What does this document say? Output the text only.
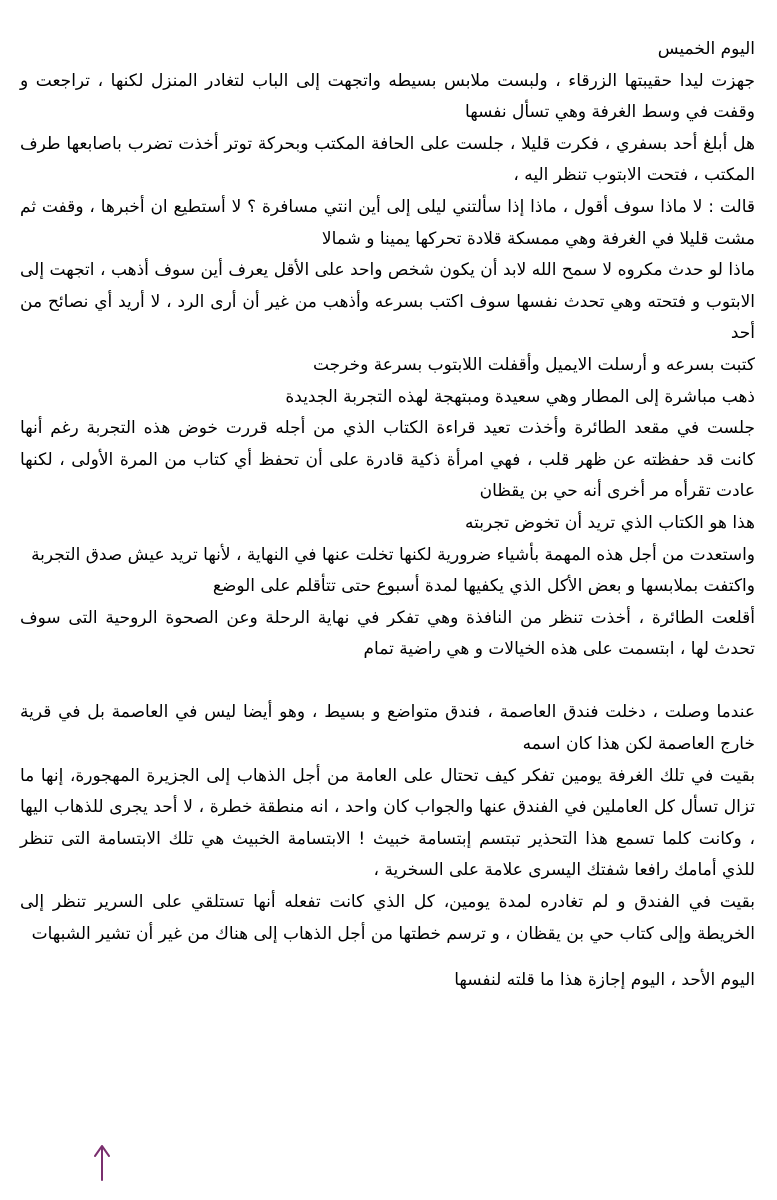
اليوم الخميس

جهزت ليدا حقيبتها الزرقاء ، ولبست ملابس بسيطه واتجهت إلى الباب لتغادر المنزل لكنها ، تراجعت و وقفت في وسط الغرفة وهي تسأل نفسها

هل أبلغ أحد بسفري ، فكرت قليلا ، جلست على الحافة المكتب وبحركة توتر أخذت تضرب باصابعها طرف المكتب ، فتحت الابتوب تنظر اليه ،

قالت : لا ماذا سوف أقول ، ماذا إذا سألتني ليلى إلى أين انتي مسافرة ؟ لا أستطيع ان أخبرها ، وقفت ثم مشت قليلا في الغرفة وهي ممسكة قلادة تحركها يمينا و شمالا

ماذا لو حدث مكروه لا سمح الله لابد أن يكون شخص واحد على الأقل يعرف أين سوف أذهب ، اتجهت إلى الابتوب و فتحته وهي تحدث نفسها سوف اكتب بسرعه وأذهب من غير أن أرى الرد ، لا أريد أي نصائح من أحد

كتبت بسرعه و أرسلت الايميل وأقفلت اللابتوب بسرعة وخرجت

ذهب مباشرة إلى المطار وهي سعيدة ومبتهجة لهذه التجربة الجديدة

جلست في مقعد الطائرة وأخذت تعيد قراءة الكتاب الذي من أجله قررت خوض هذه التجربة رغم أنها كانت قد حفظته عن ظهر قلب ، فهي امرأة ذكية قادرة على أن تحفظ أي كتاب من المرة الأولى ، لكنها عادت تقرأه مر أخرى أنه حي بن يقظان

هذا هو الكتاب الذي تريد أن تخوض تجربته

واستعدت من أجل هذه المهمة بأشياء ضرورية لكنها تخلت عنها في النهاية ، لأنها تريد عيش صدق التجربة

واكتفت بملابسها و بعض الأكل الذي يكفيها لمدة أسبوع حتى تتأقلم على الوضع

أقلعت الطائرة ، أخذت تنظر من النافذة وهي تفكر في نهاية الرحلة وعن الصحوة الروحية التى سوف تحدث لها ، ابتسمت على هذه الخيالات و هي راضية تمام

عندما وصلت ، دخلت فندق العاصمة ، فندق متواضع و بسيط ، وهو أيضا ليس في العاصمة بل في قرية خارج العاصمة لكن هذا كان اسمه

بقيت في تلك الغرفة يومين تفكر كيف تحتال على العامة من أجل الذهاب إلى الجزيرة المهجورة، إنها ما تزال تسأل كل العاملين في الفندق عنها والجواب كان واحد ، انه منطقة خطرة ، لا أحد يجرى للذهاب اليها ، وكانت كلما تسمع هذا التحذير تبتسم إبتسامة خبيث ! الابتسامة الخبيث هي تلك الابتسامة التى تنظر للذي أمامك رافعا شفتك اليسرى علامة على السخرية ،

بقيت في الفندق و لم تغادره لمدة يومين، كل الذي كانت تفعله أنها تستلقي على السرير تنظر إلى الخريطة وإلى كتاب حي بن يقظان ، و ترسم خطتها من أجل الذهاب إلى هناك من غير أن تشير الشبهات

اليوم الأحد ، اليوم إجازة هذا ما قلته لنفسها
